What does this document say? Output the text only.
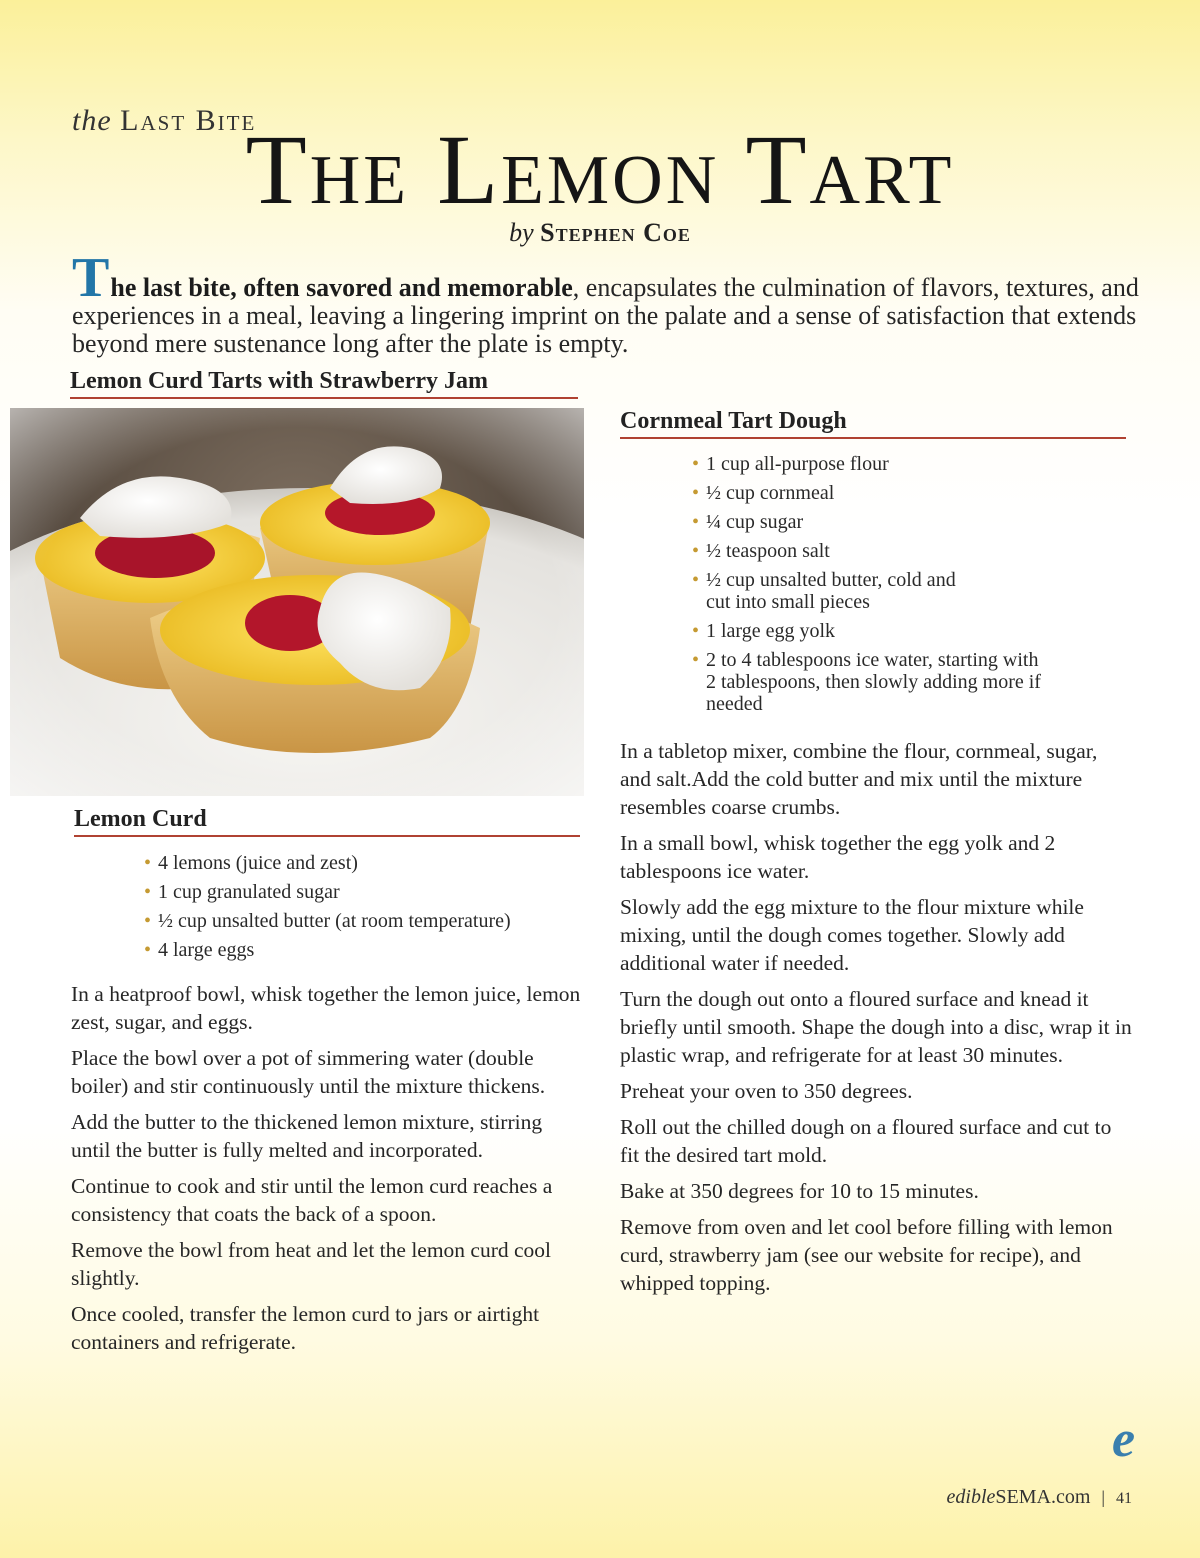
the Last Bite
The Lemon Tart
by Stephen Coe
The last bite, often savored and memorable, encapsulates the culmination of flavors, textures, and experiences in a meal, leaving a lingering imprint on the palate and a sense of satisfaction that extends beyond mere sustenance long after the plate is empty.
Lemon Curd Tarts with Strawberry Jam
Lemon Curd
• 4 lemons (juice and zest)
• 1 cup granulated sugar
• ½ cup unsalted butter (at room temperature)
• 4 large eggs

In a heatproof bowl, whisk together the lemon juice, lemon zest, sugar, and eggs.

Place the bowl over a pot of simmering water (double boiler) and stir continuously until the mixture thickens.

Add the butter to the thickened lemon mixture, stirring until the butter is fully melted and incorporated.

Continue to cook and stir until the lemon curd reaches a consistency that coats the back of a spoon.

Remove the bowl from heat and let the lemon curd cool slightly.

Once cooled, transfer the lemon curd to jars or airtight containers and refrigerate.

Cornmeal Tart Dough
• 1 cup all-purpose flour
• ½ cup cornmeal
• ¼ cup sugar
• ½ teaspoon salt
• ½ cup unsalted butter, cold and cut into small pieces
• 1 large egg yolk
• 2 to 4 tablespoons ice water, starting with 2 tablespoons, then slowly adding more if needed

In a tabletop mixer, combine the flour, cornmeal, sugar, and salt.Add the cold butter and mix until the mixture resembles coarse crumbs.

In a small bowl, whisk together the egg yolk and 2 tablespoons ice water.

Slowly add the egg mixture to the flour mixture while mixing, until the dough comes together. Slowly add additional water if needed.

Turn the dough out onto a floured surface and knead it briefly until smooth. Shape the dough into a disc, wrap it in plastic wrap, and refrigerate for at least 30 minutes.

Preheat your oven to 350 degrees.

Roll out the chilled dough on a floured surface and cut to fit the desired tart mold.

Bake at 350 degrees for 10 to 15 minutes.

Remove from oven and let cool before filling with lemon curd, strawberry jam (see our website for recipe), and whipped topping.

e
edibleSEMA.com | 41
